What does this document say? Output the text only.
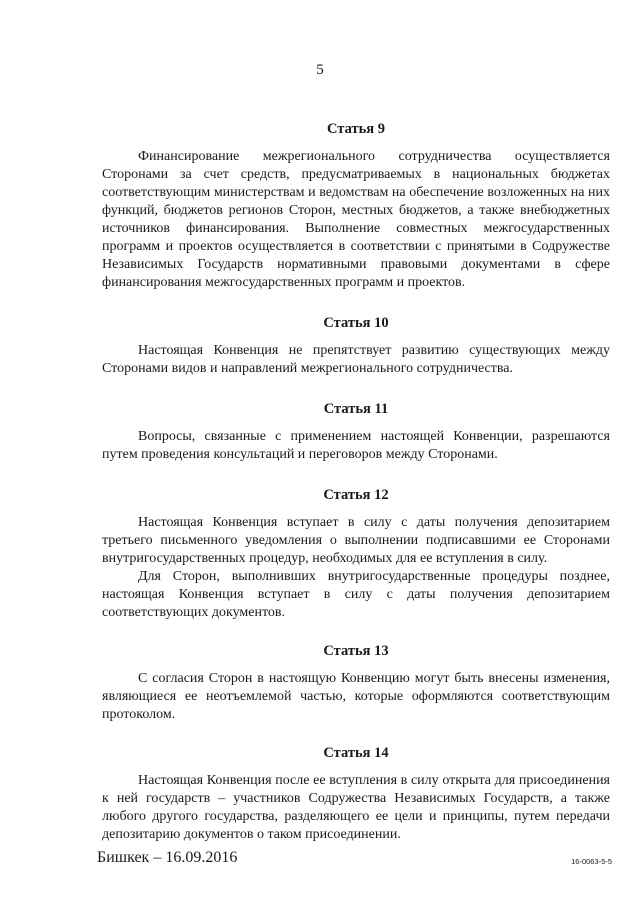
5
Статья 9

Финансирование межрегионального сотрудничества осуществляется Сторонами за счет средств, предусматриваемых в национальных бюджетах соответствующим министерствам и ведомствам на обеспечение возложенных на них функций, бюджетов регионов Сторон, местных бюджетов, а также внебюджетных источников финансирования. Выполнение совместных межгосударственных программ и проектов осуществляется в соответствии с принятыми в Содружестве Независимых Государств нормативными правовыми документами в сфере финансирования межгосударственных программ и проектов.

Статья 10

Настоящая Конвенция не препятствует развитию существующих между Сторонами видов и направлений межрегионального сотрудничества.

Статья 11

Вопросы, связанные с применением настоящей Конвенции, разрешаются путем проведения консультаций и переговоров между Сторонами.

Статья 12

Настоящая Конвенция вступает в силу с даты получения депозитарием третьего письменного уведомления о выполнении подписавшими ее Сторонами внутригосударственных процедур, необходимых для ее вступления в силу.

Для Сторон, выполнивших внутригосударственные процедуры позднее, настоящая Конвенция вступает в силу с даты получения депозитарием соответствующих документов.

Статья 13

С согласия Сторон в настоящую Конвенцию могут быть внесены изменения, являющиеся ее неотъемлемой частью, которые оформляются соответствующим протоколом.

Статья 14

Настоящая Конвенция после ее вступления в силу открыта для присоединения к ней государств – участников Содружества Независимых Государств, а также любого другого государства, разделяющего ее цели и принципы, путем передачи депозитарию документов о таком присоединении.

Бишкек – 16.09.2016	16-0063-5-5
